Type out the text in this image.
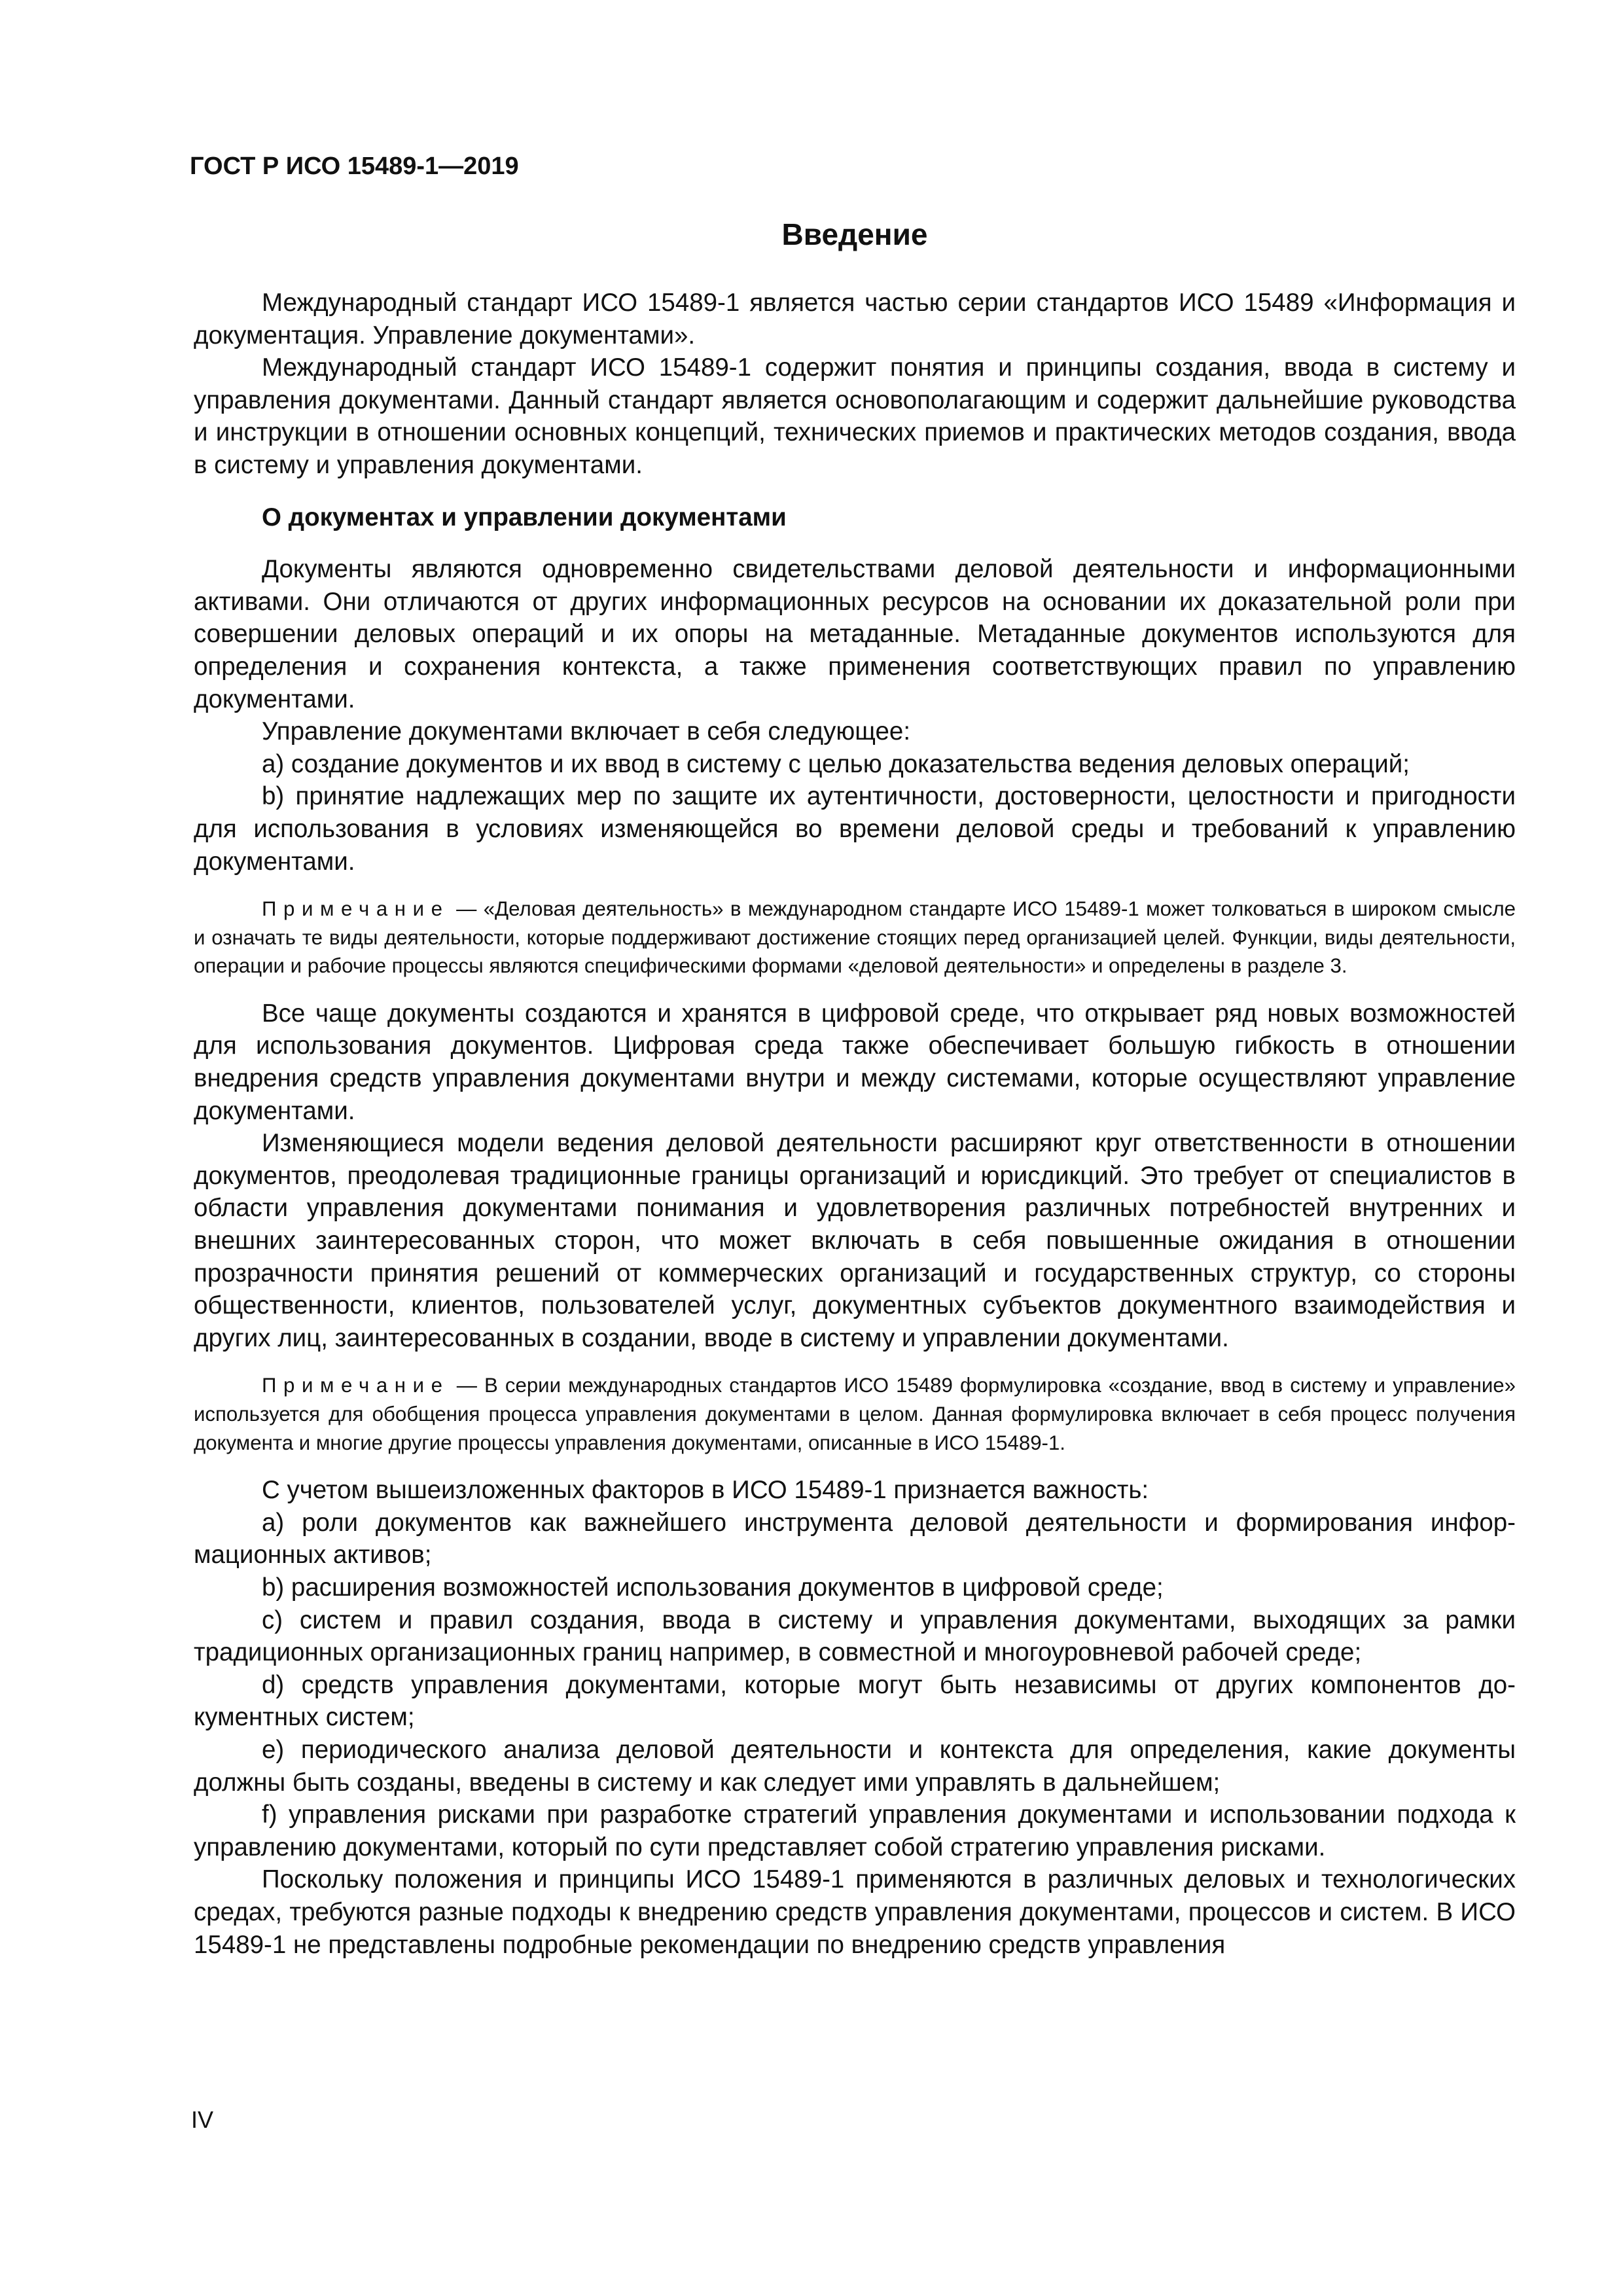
ГОСТ Р ИСО 15489-1—2019
Введение

Международный стандарт ИСО 15489-1 является частью серии стандартов ИСО 15489 «Информация и документация. Управление документами».

Международный стандарт ИСО 15489-1 содержит понятия и принципы создания, ввода в систему и управления документами. Данный стандарт является основополагающим и содержит дальнейшие руководства и инструкции в отношении основных концепций, технических приемов и практических методов создания, ввода в систему и управления документами.

О документах и управлении документами

Документы являются одновременно свидетельствами деловой деятельности и информационными активами. Они отличаются от других информационных ресурсов на основании их доказательной роли при совершении деловых операций и их опоры на метаданные. Метаданные документов используются для определения и сохранения контекста, а также применения соответствующих правил по управлению документами.

Управление документами включает в себя следующее:

a) создание документов и их ввод в систему с целью доказательства ведения деловых операций;

b) принятие надлежащих мер по защите их аутентичности, достоверности, целостности и пригодности для использования в условиях изменяющейся во времени деловой среды и требований к управлению документами.

Примечание — «Деловая деятельность» в международном стандарте ИСО 15489-1 может толковаться в широком смысле и означать те виды деятельности, которые поддерживают достижение стоящих перед организацией целей. Функции, виды деятельности, операции и рабочие процессы являются специфическими формами «деловой деятельности» и определены в разделе 3.

Все чаще документы создаются и хранятся в цифровой среде, что открывает ряд новых возможностей для использования документов. Цифровая среда также обеспечивает большую гибкость в отношении внедрения средств управления документами внутри и между системами, которые осуществляют управление документами.

Изменяющиеся модели ведения деловой деятельности расширяют круг ответственности в отношении документов, преодолевая традиционные границы организаций и юрисдикций. Это требует от специалистов в области управления документами понимания и удовлетворения различных потребностей внутренних и внешних заинтересованных сторон, что может включать в себя повышенные ожидания в отношении прозрачности принятия решений от коммерческих организаций и государственных структур, со стороны общественности, клиентов, пользователей услуг, документных субъектов документного взаимодействия и других лиц, заинтересованных в создании, вводе в систему и управлении документами.

Примечание — В серии международных стандартов ИСО 15489 формулировка «создание, ввод в систему и управление» используется для обобщения процесса управления документами в целом. Данная формулировка включает в себя процесс получения документа и многие другие процессы управления документами, описанные в ИСО 15489-1.

С учетом вышеизложенных факторов в ИСО 15489-1 признается важность:

a) роли документов как важнейшего инструмента деловой деятельности и формирования информационных активов;

b) расширения возможностей использования документов в цифровой среде;

c) систем и правил создания, ввода в систему и управления документами, выходящих за рамки традиционных организационных границ например, в совместной и многоуровневой рабочей среде;

d) средств управления документами, которые могут быть независимы от других компонентов документных систем;

e) периодического анализа деловой деятельности и контекста для определения, какие документы должны быть созданы, введены в систему и как следует ими управлять в дальнейшем;

f) управления рисками при разработке стратегий управления документами и использовании подхода к управлению документами, который по сути представляет собой стратегию управления рисками.

Поскольку положения и принципы ИСО 15489-1 применяются в различных деловых и технологических средах, требуются разные подходы к внедрению средств управления документами, процессов и систем. В ИСО 15489-1 не представлены подробные рекомендации по внедрению средств управления

IV
